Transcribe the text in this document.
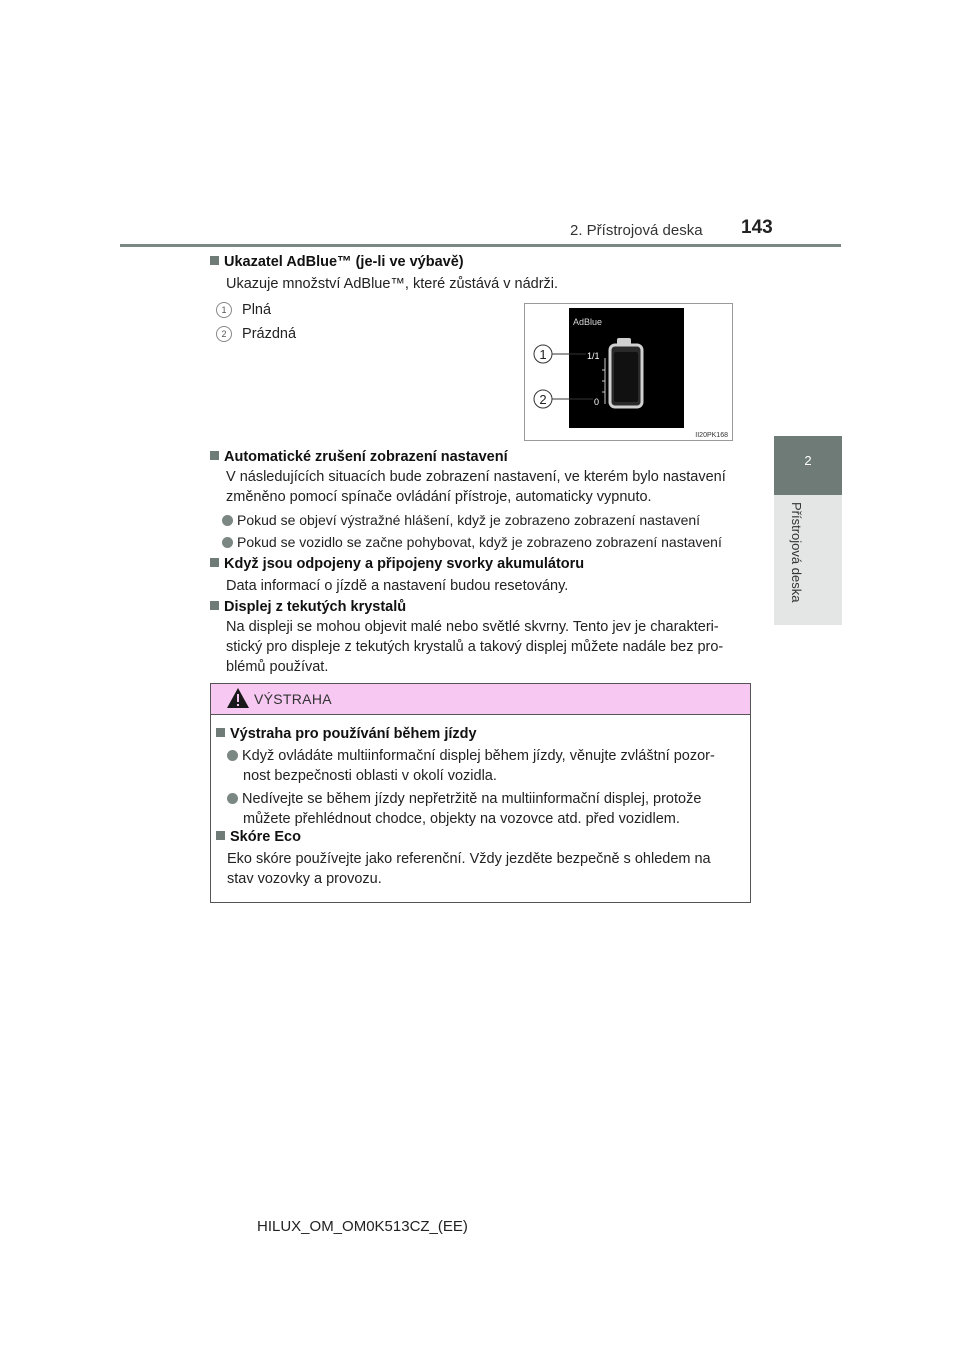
2. Přístrojová deska 143
2
Přístrojová deska
Ukazatel AdBlue™ (je-li ve výbavě)
Ukazuje množství AdBlue™, které zůstává v nádrži.
1 Plná
2 Prázdná
AdBlue
1/1
0
1
2
II20PK168
Automatické zrušení zobrazení nastavení
V následujících situacích bude zobrazení nastavení, ve kterém bylo nastavení
změněno pomocí spínače ovládání přístroje, automaticky vypnuto.
Pokud se objeví výstražné hlášení, když je zobrazeno zobrazení nastavení
Pokud se vozidlo se začne pohybovat, když je zobrazeno zobrazení nastavení
Když jsou odpojeny a připojeny svorky akumulátoru
Data informací o jízdě a nastavení budou resetovány.
Displej z tekutých krystalů
Na displeji se mohou objevit malé nebo světlé skvrny. Tento jev je charakteri-
stický pro displeje z tekutých krystalů a takový displej můžete nadále bez pro-
blémů používat.
VÝSTRAHA
Výstraha pro používání během jízdy
Když ovládáte multiinformační displej během jízdy, věnujte zvláštní pozor-
nost bezpečnosti oblasti v okolí vozidla.
Nedívejte se během jízdy nepřetržitě na multiinformační displej, protože
můžete přehlédnout chodce, objekty na vozovce atd. před vozidlem.
Skóre Eco
Eko skóre používejte jako referenční. Vždy jezděte bezpečně s ohledem na
stav vozovky a provozu.
HILUX_OM_OM0K513CZ_(EE)
